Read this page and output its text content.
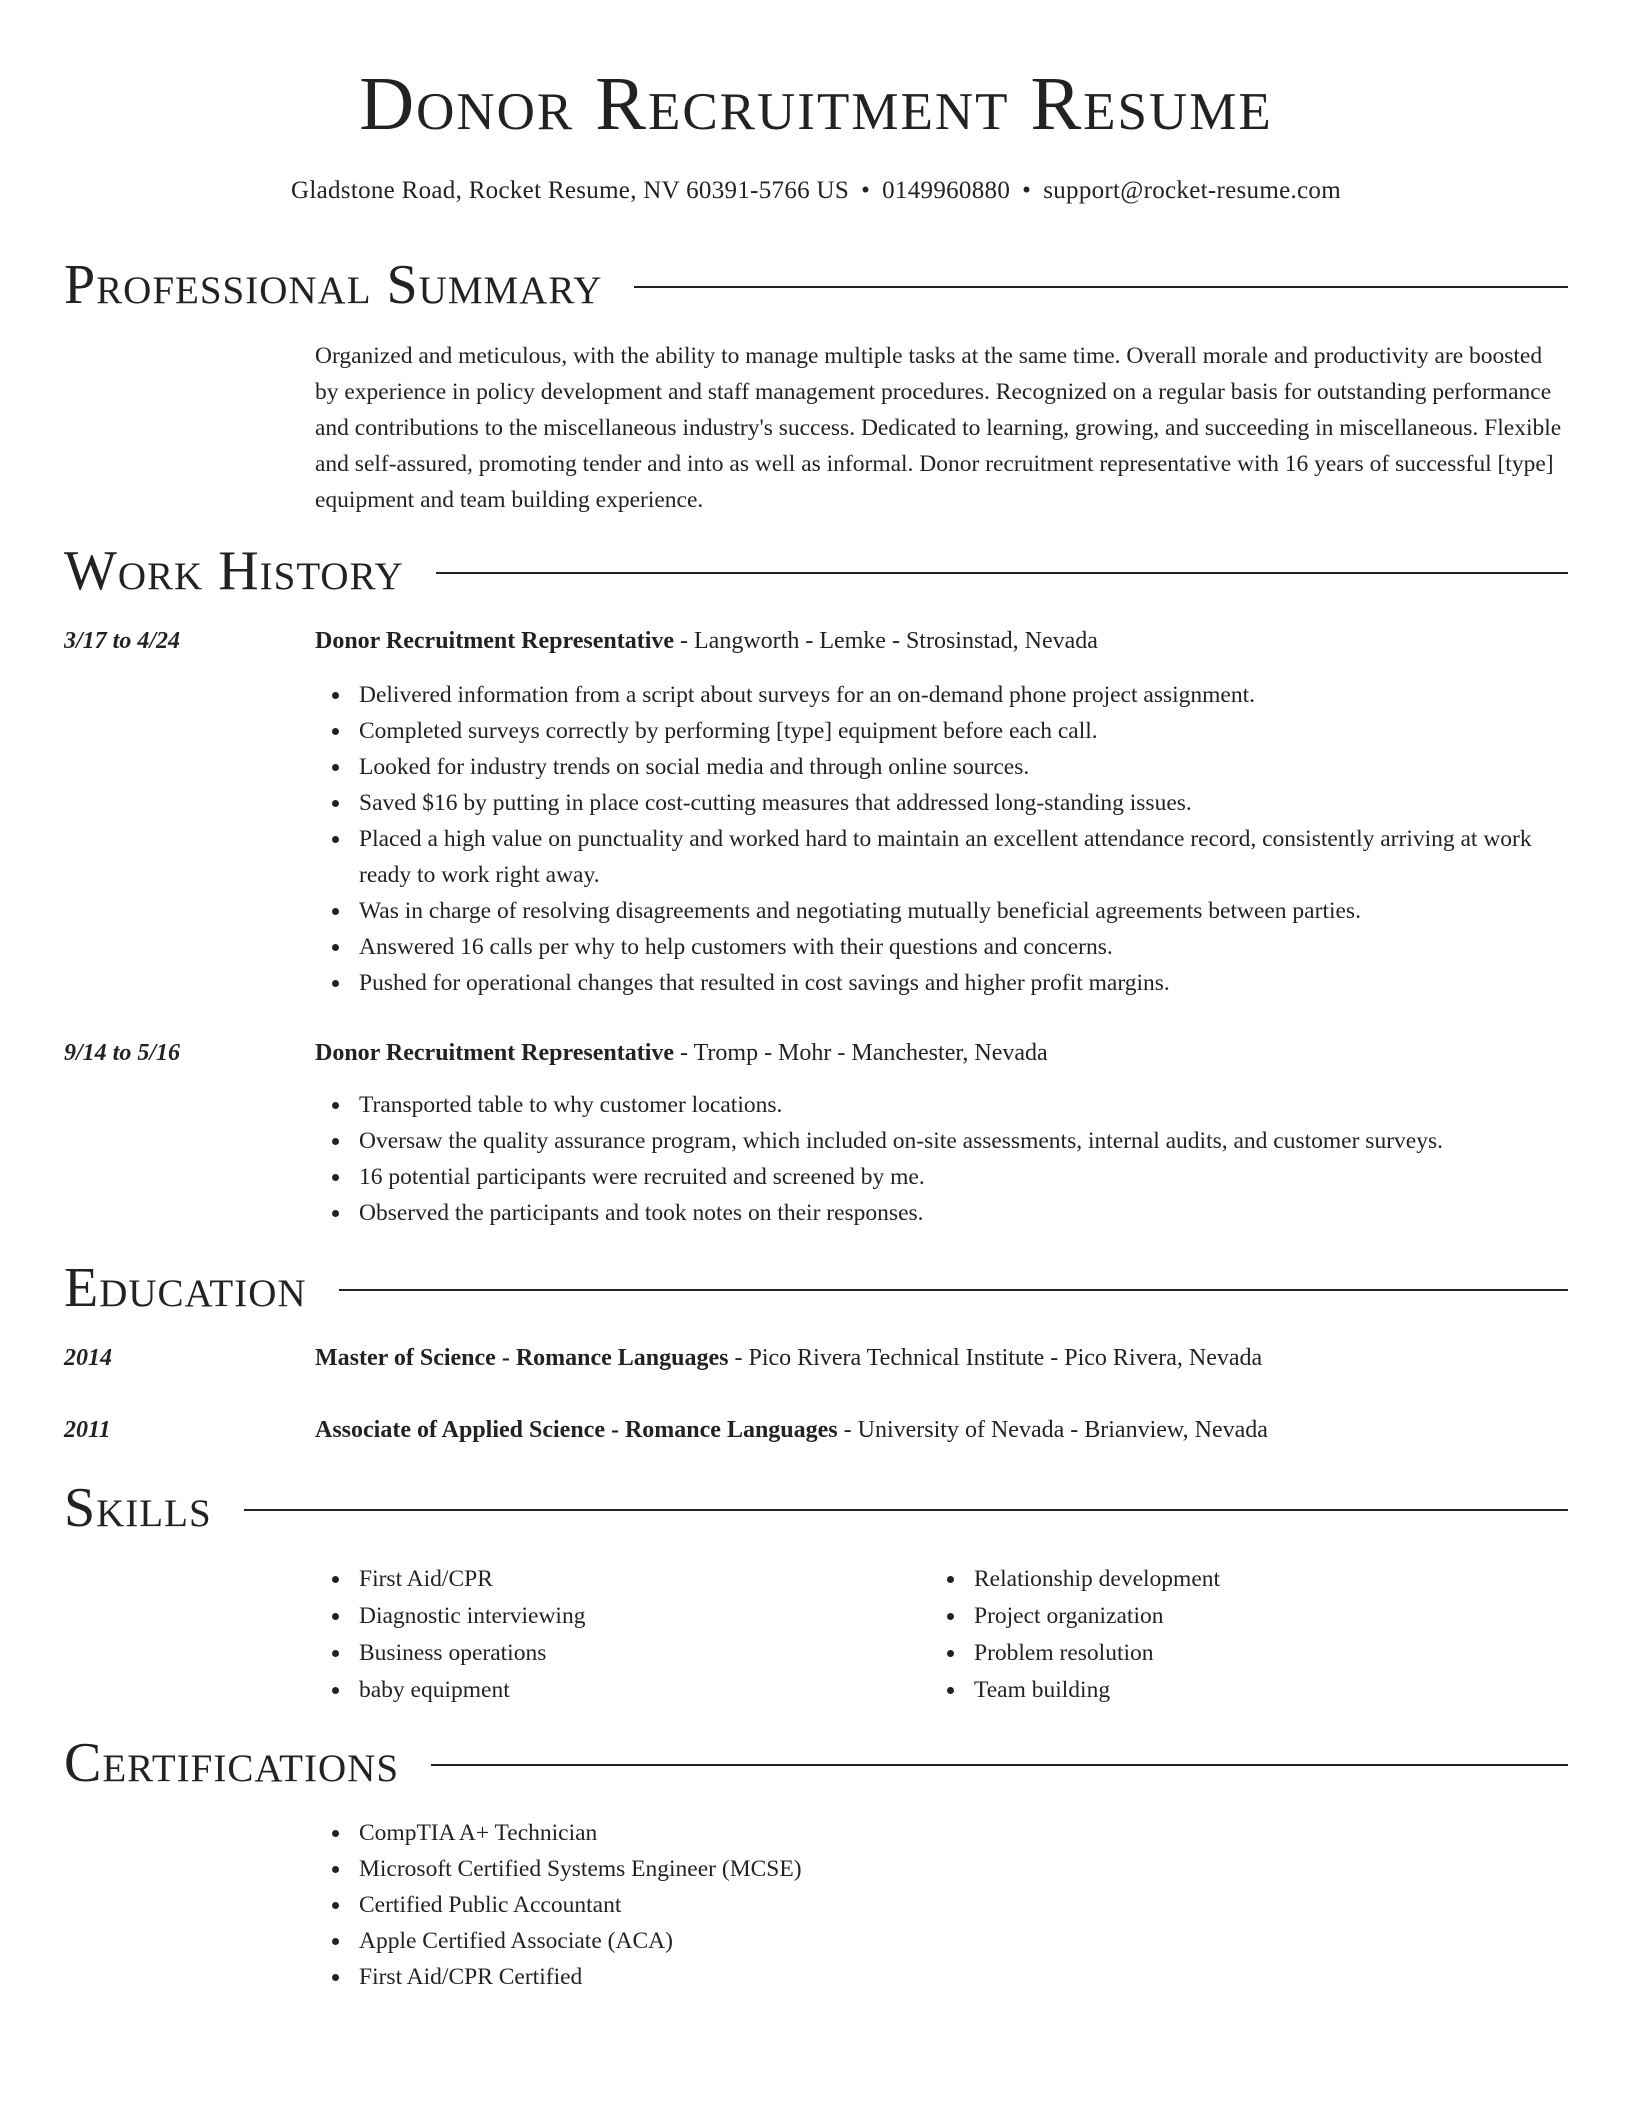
Donor Recruitment Resume
Gladstone Road, Rocket Resume, NV 60391-5766 US • 0149960880 • support@rocket-resume.com
Professional Summary

Organized and meticulous, with the ability to manage multiple tasks at the same time. Overall morale and productivity are boosted by experience in policy development and staff management procedures. Recognized on a regular basis for outstanding performance and contributions to the miscellaneous industry's success. Dedicated to learning, growing, and succeeding in miscellaneous. Flexible and self-assured, promoting tender and into as well as informal. Donor recruitment representative with 16 years of successful [type] equipment and team building experience.

Work History
3/17 to 4/24	Donor Recruitment Representative - Langworth - Lemke - Strosinstad, Nevada
Delivered information from a script about surveys for an on-demand phone project assignment.
Completed surveys correctly by performing [type] equipment before each call.
Looked for industry trends on social media and through online sources.
Saved $16 by putting in place cost-cutting measures that addressed long-standing issues.
Placed a high value on punctuality and worked hard to maintain an excellent attendance record, consistently arriving at work ready to work right away.
Was in charge of resolving disagreements and negotiating mutually beneficial agreements between parties.
Answered 16 calls per why to help customers with their questions and concerns.
Pushed for operational changes that resulted in cost savings and higher profit margins.
9/14 to 5/16	Donor Recruitment Representative - Tromp - Mohr - Manchester, Nevada
Transported table to why customer locations.
Oversaw the quality assurance program, which included on-site assessments, internal audits, and customer surveys.
16 potential participants were recruited and screened by me.
Observed the participants and took notes on their responses.
Education
2014	Master of Science - Romance Languages - Pico Rivera Technical Institute - Pico Rivera, Nevada
2011	Associate of Applied Science - Romance Languages - University of Nevada - Brianview, Nevada
Skills
First Aid/CPR
Diagnostic interviewing
Business operations
baby equipment
Relationship development
Project organization
Problem resolution
Team building
Certifications
CompTIA A+ Technician
Microsoft Certified Systems Engineer (MCSE)
Certified Public Accountant
Apple Certified Associate (ACA)
First Aid/CPR Certified
